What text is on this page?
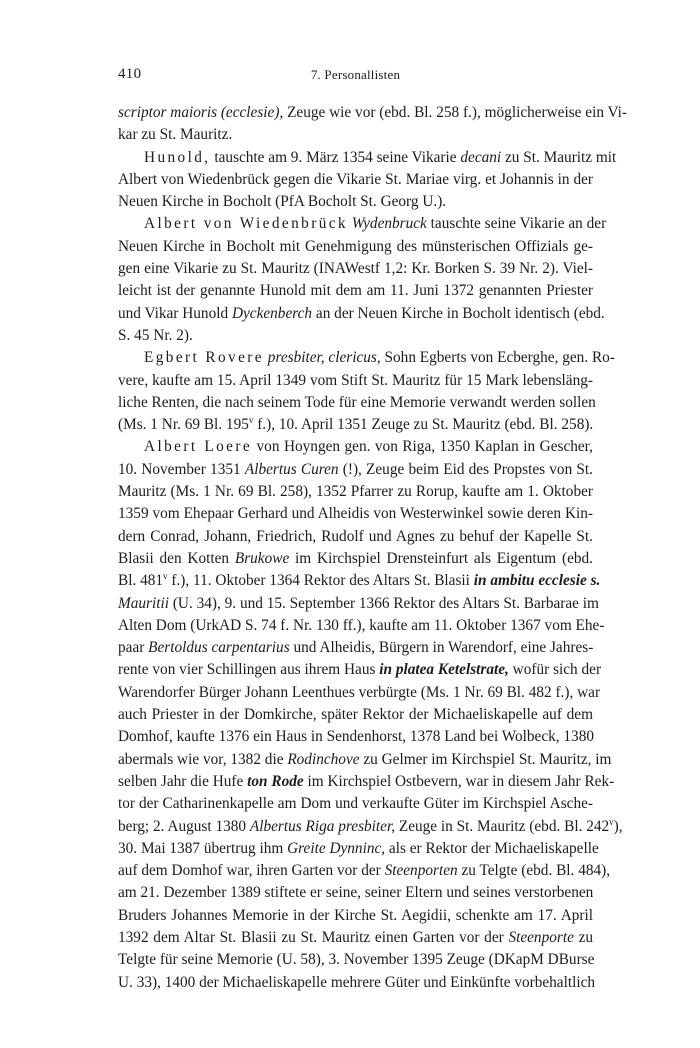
410	7. Personallisten
scriptor maioris (ecclesie), Zeuge wie vor (ebd. Bl. 258 f.), möglicherweise ein Vi-
kar zu St. Mauritz.
Hunold, tauschte am 9. März 1354 seine Vikarie decani zu St. Mauritz mit
Albert von Wiedenbrück gegen die Vikarie St. Mariae virg. et Johannis in der
Neuen Kirche in Bocholt (PfA Bocholt St. Georg U.).
Albert von Wiedenbrück Wydenbruck tauschte seine Vikarie an der
Neuen Kirche in Bocholt mit Genehmigung des münsterischen Offizials ge-
gen eine Vikarie zu St. Mauritz (INAWestf 1,2: Kr. Borken S. 39 Nr. 2). Viel-
leicht ist der genannte Hunold mit dem am 11. Juni 1372 genannten Priester
und Vikar Hunold Dyckenberch an der Neuen Kirche in Bocholt identisch (ebd.
S. 45 Nr. 2).
Egbert Rovere presbiter, clericus, Sohn Egberts von Ecberghe, gen. Ro-
vere, kaufte am 15. April 1349 vom Stift St. Mauritz für 15 Mark lebensläng-
liche Renten, die nach seinem Tode für eine Memorie verwandt werden sollen
(Ms. 1 Nr. 69 Bl. 195$^v$ f.), 10. April 1351 Zeuge zu St. Mauritz (ebd. Bl. 258).
Albert Loere von Hoyngen gen. von Riga, 1350 Kaplan in Gescher,
10. November 1351 Albertus Curen (!), Zeuge beim Eid des Propstes von St.
Mauritz (Ms. 1 Nr. 69 Bl. 258), 1352 Pfarrer zu Rorup, kaufte am 1. Oktober
1359 vom Ehepaar Gerhard und Alheidis von Westerwinkel sowie deren Kin-
dern Conrad, Johann, Friedrich, Rudolf und Agnes zu behuf der Kapelle St.
Blasii den Kotten Brukowe im Kirchspiel Drensteinfurt als Eigentum (ebd.
Bl. 481$^v$ f.), 11. Oktober 1364 Rektor des Altars St. Blasii in ambitu ecclesie s.
Mauritii (U. 34), 9. und 15. September 1366 Rektor des Altars St. Barbarae im
Alten Dom (UrkAD S. 74 f. Nr. 130 ff.), kaufte am 11. Oktober 1367 vom Ehe-
paar Bertoldus carpentarius und Alheidis, Bürgern in Warendorf, eine Jahres-
rente von vier Schillingen aus ihrem Haus in platea Ketelstrate, wofür sich der
Warendorfer Bürger Johann Leenthues verbürgte (Ms. 1 Nr. 69 Bl. 482 f.), war
auch Priester in der Domkirche, später Rektor der Michaeliskapelle auf dem
Domhof, kaufte 1376 ein Haus in Sendenhorst, 1378 Land bei Wolbeck, 1380
abermals wie vor, 1382 die Rodinchove zu Gelmer im Kirchspiel St. Mauritz, im
selben Jahr die Hufe ton Rode im Kirchspiel Ostbevern, war in diesem Jahr Rek-
tor der Catharinenkapelle am Dom und verkaufte Güter im Kirchspiel Asche-
berg; 2. August 1380 Albertus Riga presbiter, Zeuge in St. Mauritz (ebd. Bl. 242$^v$),
30. Mai 1387 übertrug ihm Greite Dynninc, als er Rektor der Michaeliskapelle
auf dem Domhof war, ihren Garten vor der Steenporten zu Telgte (ebd. Bl. 484),
am 21. Dezember 1389 stiftete er seine, seiner Eltern und seines verstorbenen
Bruders Johannes Memorie in der Kirche St. Aegidii, schenkte am 17. April
1392 dem Altar St. Blasii zu St. Mauritz einen Garten vor der Steenporte zu
Telgte für seine Memorie (U. 58), 3. November 1395 Zeuge (DKapM DBurse
U. 33), 1400 der Michaeliskapelle mehrere Güter und Einkünfte vorbehaltlich
